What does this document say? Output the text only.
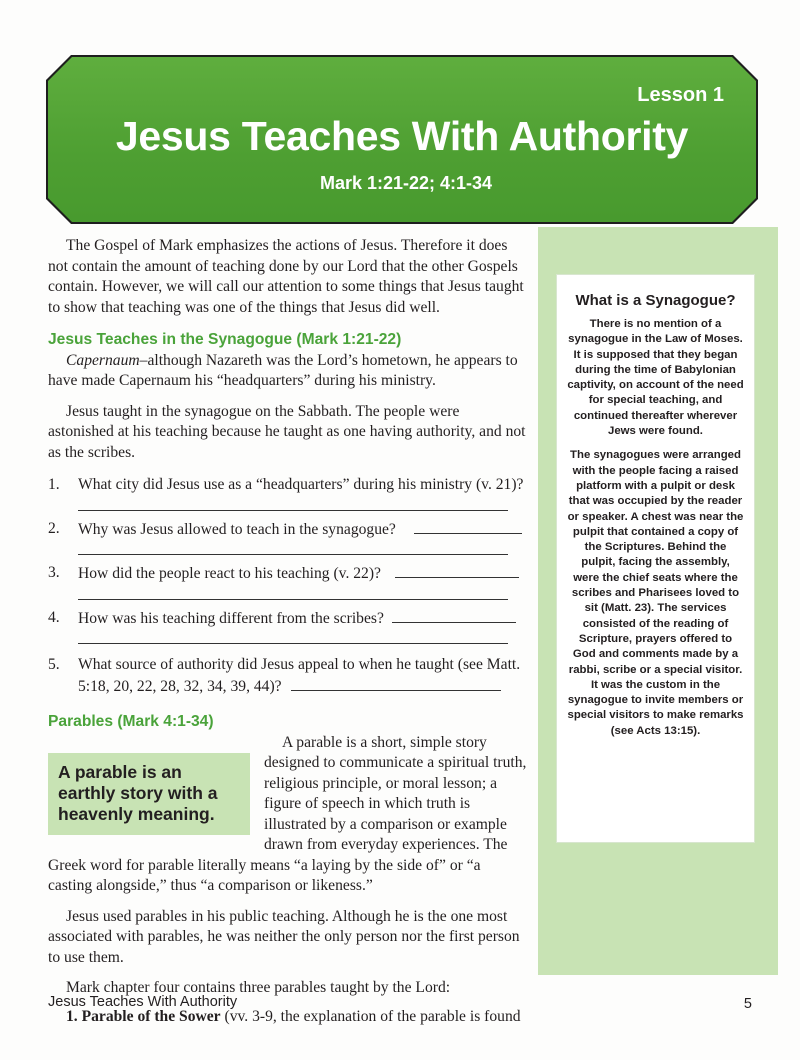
Lesson 1
Jesus Teaches With Authority
Mark 1:21-22; 4:1-34

What is a Synagogue?

There is no mention of a synagogue in the Law of Moses. It is supposed that they began during the time of Babylonian captivity, on account of the need for special teaching, and continued thereafter wherever Jews were found.

The synagogues were arranged with the people facing a raised platform with a pulpit or desk that was occupied by the reader or speaker. A chest was near the pulpit that contained a copy of the Scriptures. Behind the pulpit, facing the assembly, were the chief seats where the scribes and Pharisees loved to sit (Matt. 23). The services consisted of the reading of Scripture, prayers offered to God and comments made by a rabbi, scribe or a special visitor. It was the custom in the synagogue to invite members or special visitors to make remarks (see Acts 13:15).

The Gospel of Mark emphasizes the actions of Jesus. Therefore it does not contain the amount of teaching done by our Lord that the other Gospels contain. However, we will call our attention to some things that Jesus taught to show that teaching was one of the things that Jesus did well.

Jesus Teaches in the Synagogue (Mark 1:21-22)

Capernaum–although Nazareth was the Lord’s hometown, he appears to have made Capernaum his “headquarters” during his ministry.

Jesus taught in the synagogue on the Sabbath. The people were astonished at his teaching because he taught as one having authority, and not as the scribes.

1. What city did Jesus use as a “headquarters” during his ministry (v. 21)?
2. Why was Jesus allowed to teach in the synagogue?
3. How did the people react to his teaching (v. 22)?
4. How was his teaching different from the scribes?
5. What source of authority did Jesus appeal to when he taught (see Matt. 5:18, 20, 22, 28, 32, 34, 39, 44)?

Parables (Mark 4:1-34)

A parable is an earthly story with a heavenly meaning.

A parable is a short, simple story designed to communicate a spiritual truth, religious principle, or moral lesson; a figure of speech in which truth is illustrated by a comparison or example drawn from everyday experiences. The Greek word for parable literally means “a laying by the side of” or “a casting alongside,” thus “a comparison or likeness.”

Jesus used parables in his public teaching. Although he is the one most associated with parables, he was neither the only person nor the first person to use them.

Mark chapter four contains three parables taught by the Lord:

1. Parable of the Sower (vv. 3-9, the explanation of the parable is found

Jesus Teaches With Authority	5
